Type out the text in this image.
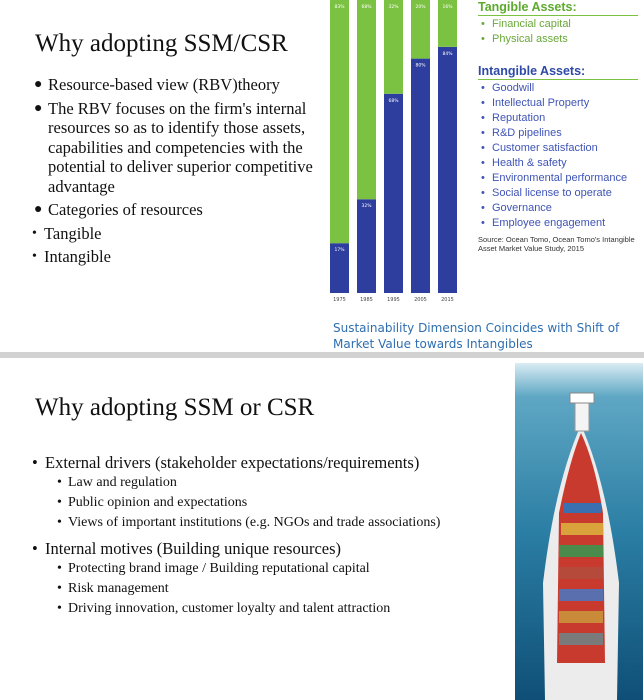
Why adopting SSM/CSR
● Resource-based view (RBV)theory
● The RBV focuses on the firm's internal resources so as to identify those assets, capabilities and competencies with the potential to deliver superior competitive advantage
● Categories of resources
• Tangible
• Intangible	17%
83%
1975
32%
68%
1985
68%
32%
1995
80%
20%
2005
84%
16%
2015
Tangible Assets:
• Financial capital
• Physical assets
Intangible Assets:
• Goodwill
• Intellectual Property
• Reputation
• R&D pipelines
• Customer satisfaction
• Health & safety
• Environmental performance
• Social license to operate
• Governance
• Employee engagement
Source: Ocean Tomo, Ocean Tomo's Intangible Asset Market Value Study, 2015
Sustainability Dimension Coincides with Shift of Market Value towards Intangibles
Why adopting SSM or CSR
• External drivers (stakeholder expectations/requirements)
• Law and regulation
• Public opinion and expectations
• Views of important institutions (e.g. NGOs and trade associations)
• Internal motives (Building unique resources)
• Protecting brand image / Building reputational capital
• Risk management
• Driving innovation, customer loyalty and talent attraction
